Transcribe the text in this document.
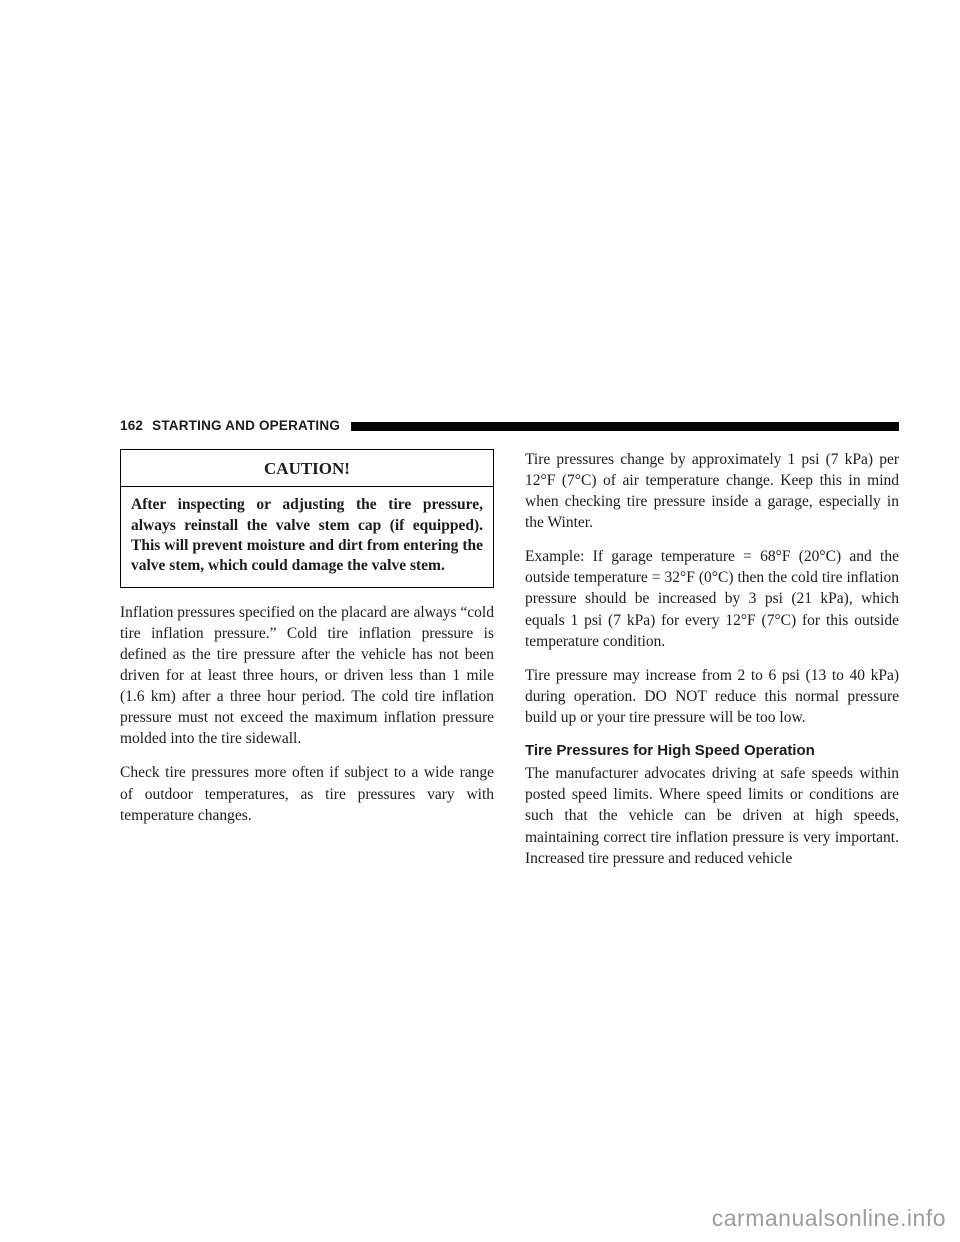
162 STARTING AND OPERATING
CAUTION!
After inspecting or adjusting the tire pressure, always reinstall the valve stem cap (if equipped). This will prevent moisture and dirt from entering the valve stem, which could damage the valve stem.

Inflation pressures specified on the placard are always “cold tire inflation pressure.” Cold tire inflation pressure is defined as the tire pressure after the vehicle has not been driven for at least three hours, or driven less than 1 mile (1.6 km) after a three hour period. The cold tire inflation pressure must not exceed the maximum inflation pressure molded into the tire sidewall.

Check tire pressures more often if subject to a wide range of outdoor temperatures, as tire pressures vary with temperature changes.

Tire pressures change by approximately 1 psi (7 kPa) per 12°F (7°C) of air temperature change. Keep this in mind when checking tire pressure inside a garage, especially in the Winter.

Example: If garage temperature = 68°F (20°C) and the outside temperature = 32°F (0°C) then the cold tire inflation pressure should be increased by 3 psi (21 kPa), which equals 1 psi (7 kPa) for every 12°F (7°C) for this outside temperature condition.

Tire pressure may increase from 2 to 6 psi (13 to 40 kPa) during operation. DO NOT reduce this normal pressure build up or your tire pressure will be too low.

Tire Pressures for High Speed Operation

The manufacturer advocates driving at safe speeds within posted speed limits. Where speed limits or conditions are such that the vehicle can be driven at high speeds, maintaining correct tire inflation pressure is very important. Increased tire pressure and reduced vehicle

carmanualsonline.info
